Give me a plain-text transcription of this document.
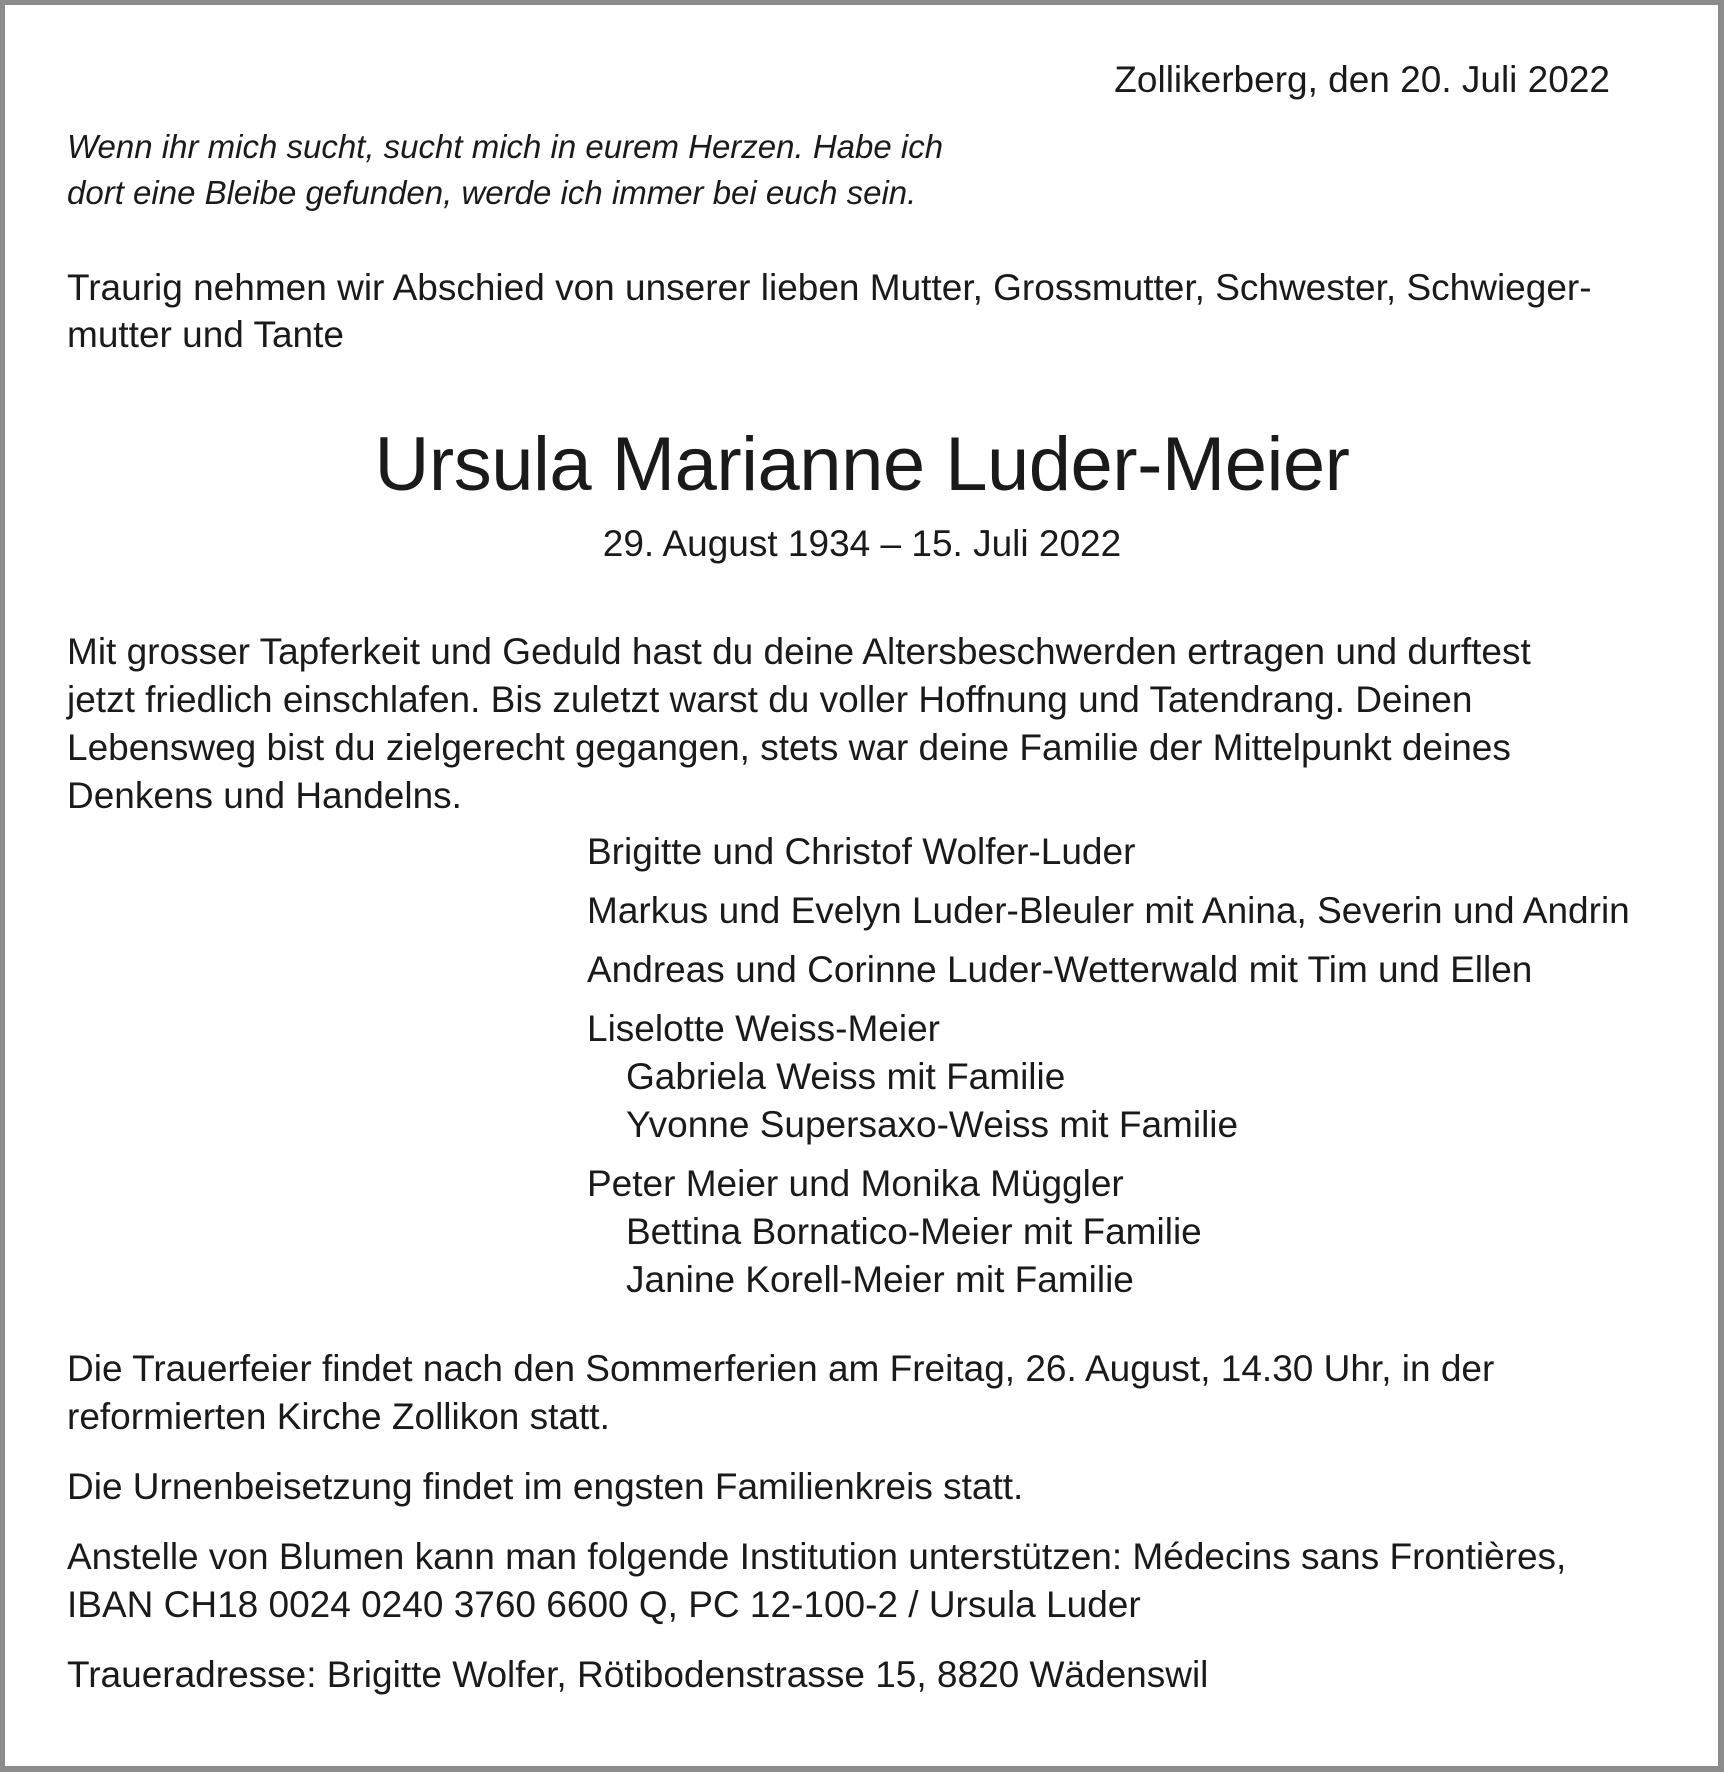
Zollikerberg, den 20. Juli 2022
Wenn ihr mich sucht, sucht mich in eurem Herzen. Habe ich
dort eine Bleibe gefunden, werde ich immer bei euch sein.
Traurig nehmen wir Abschied von unserer lieben Mutter, Grossmutter, Schwester, Schwieger-
mutter und Tante
Ursula Marianne Luder-Meier
29. August 1934 – 15. Juli 2022
Mit grosser Tapferkeit und Geduld hast du deine Altersbeschwerden ertragen und durftest
jetzt friedlich einschlafen. Bis zuletzt warst du voller Hoffnung und Tatendrang. Deinen
Lebensweg bist du zielgerecht gegangen, stets war deine Familie der Mittelpunkt deines
Denkens und Handelns.
Brigitte und Christof Wolfer-Luder
Markus und Evelyn Luder-Bleuler mit Anina, Severin und Andrin
Andreas und Corinne Luder-Wetterwald mit Tim und Ellen
Liselotte Weiss-Meier
Gabriela Weiss mit Familie
Yvonne Supersaxo-Weiss mit Familie
Peter Meier und Monika Müggler
Bettina Bornatico-Meier mit Familie
Janine Korell-Meier mit Familie
Die Trauerfeier findet nach den Sommerferien am Freitag, 26. August, 14.30 Uhr, in der
reformierten Kirche Zollikon statt.
Die Urnenbeisetzung findet im engsten Familienkreis statt.
Anstelle von Blumen kann man folgende Institution unterstützen: Médecins sans Frontières,
IBAN CH18 0024 0240 3760 6600 Q, PC 12-100-2 / Ursula Luder
Traueradresse: Brigitte Wolfer, Rötibodenstrasse 15, 8820 Wädenswil
